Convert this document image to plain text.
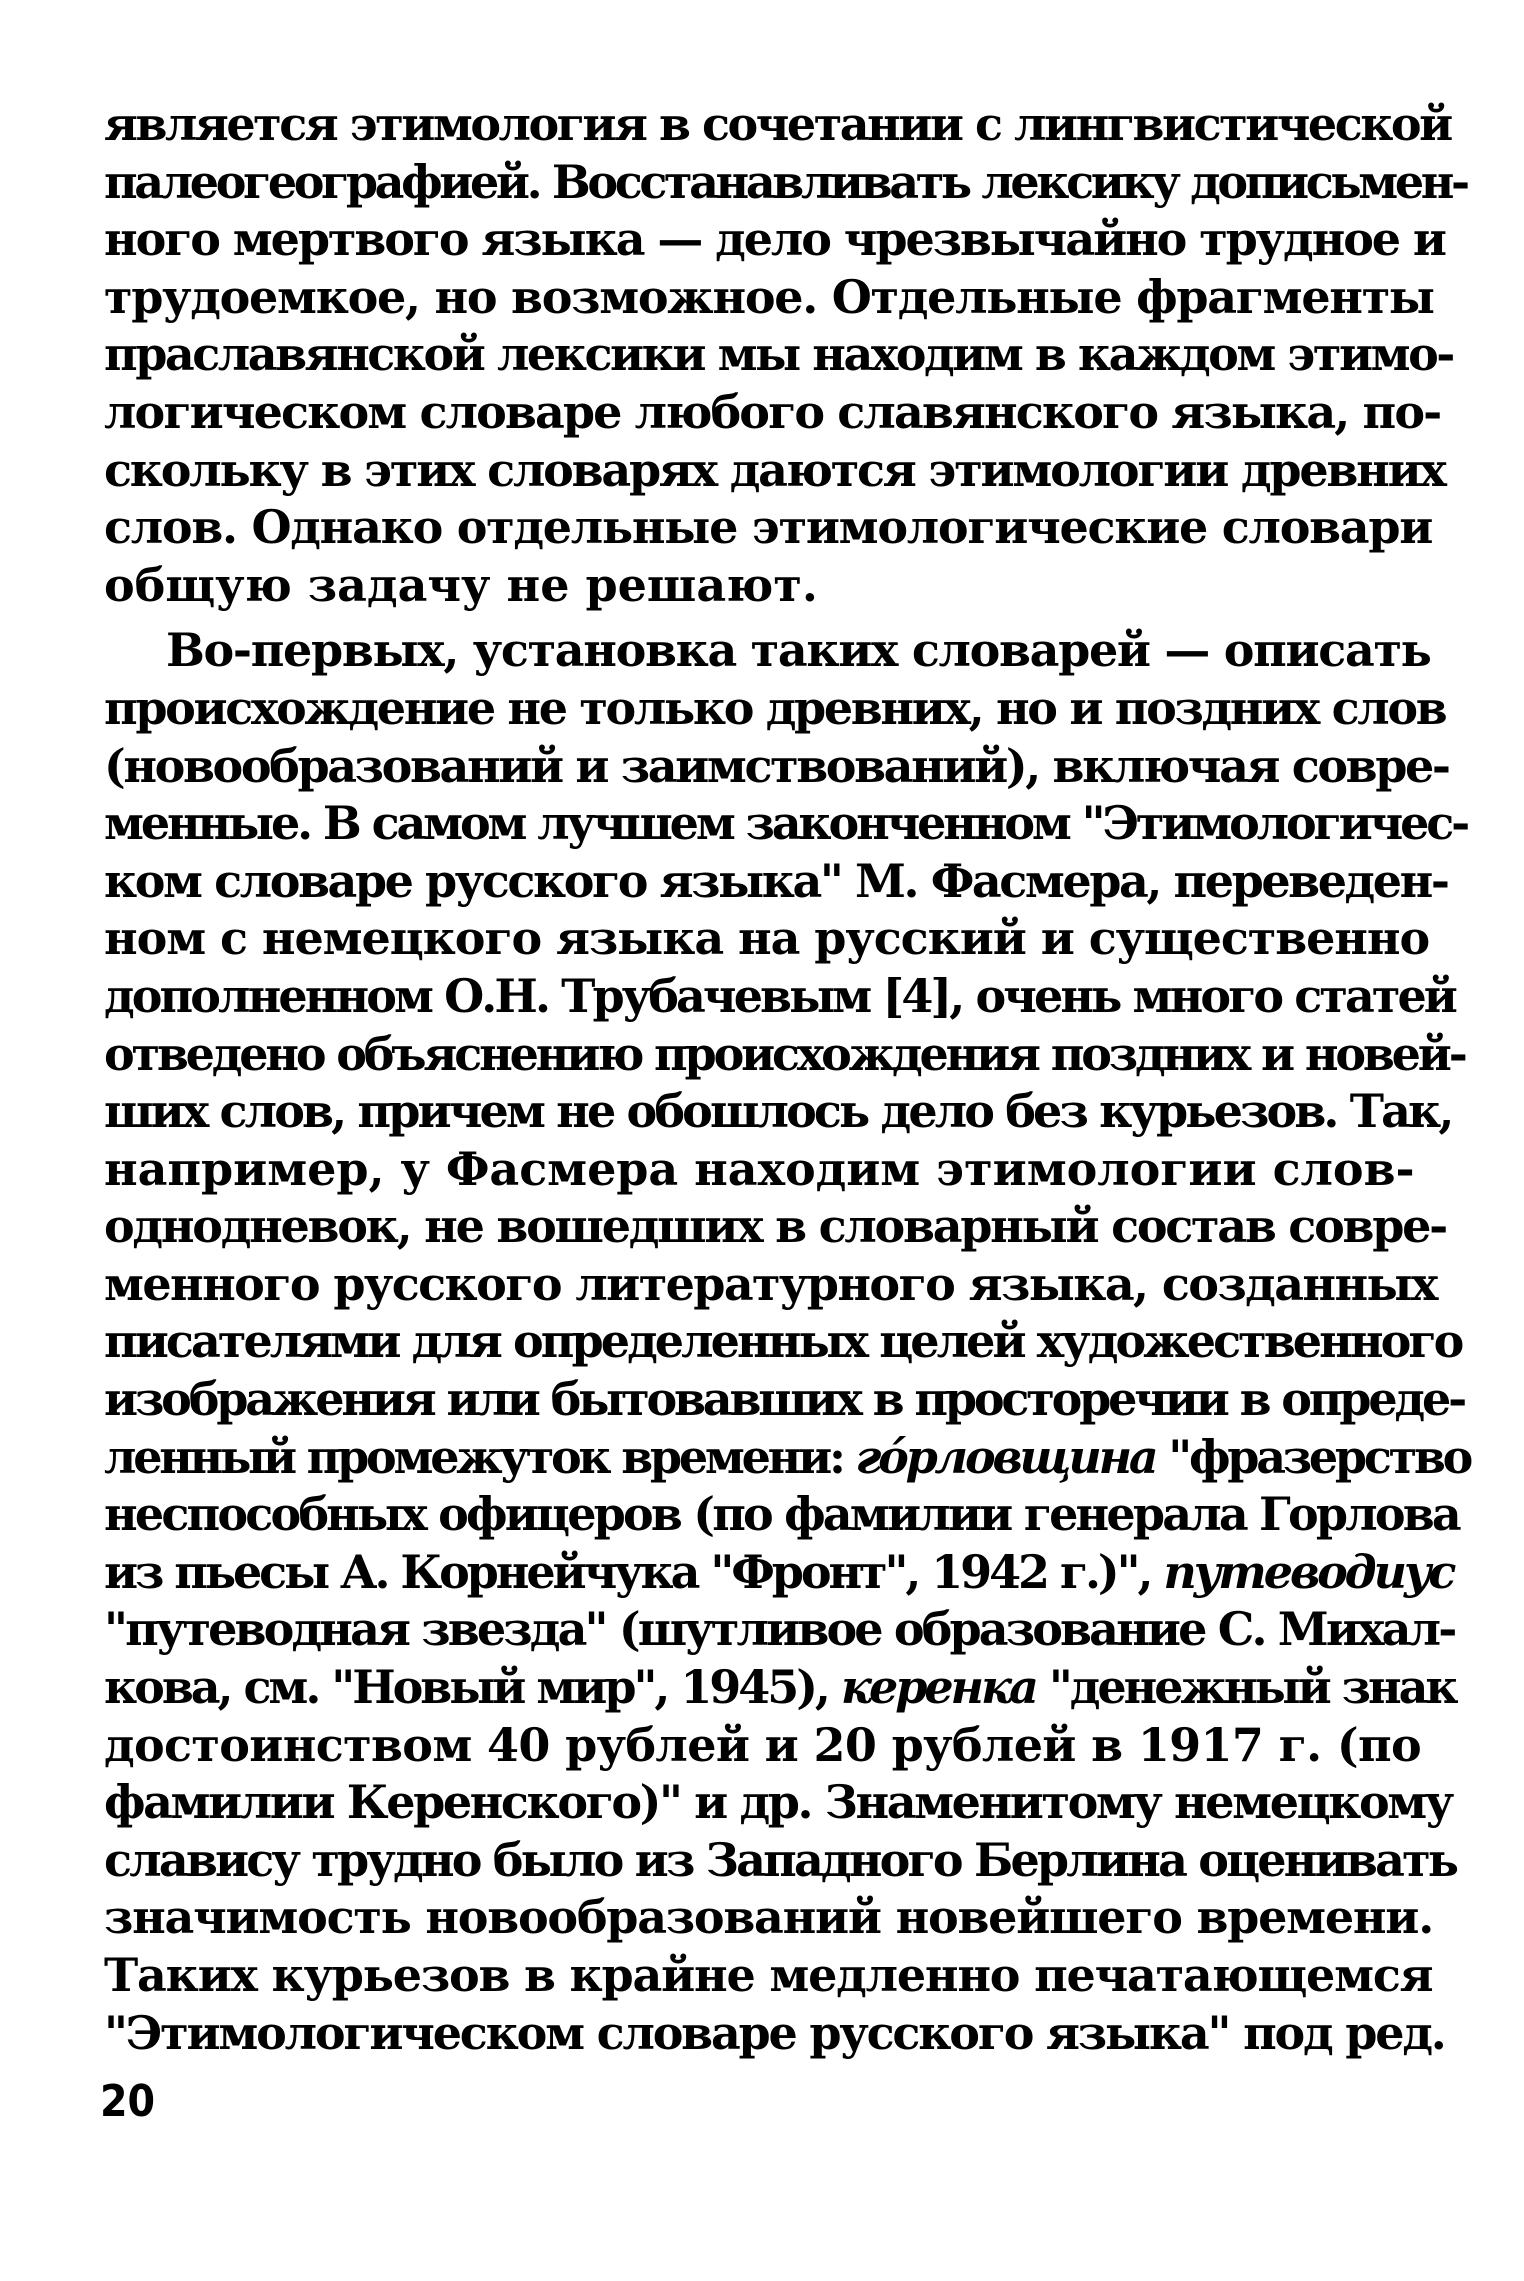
является этимология в сочетании с лингвистической
палеогеографией. Восстанавливать лексику дописьмен-
ного мертвого языка — дело чрезвычайно трудное и
трудоемкое, но возможное. Отдельные фрагменты
праславянской лексики мы находим в каждом этимо-
логическом словаре любого славянского языка, по-
скольку в этих словарях даются этимологии древних
слов. Однако отдельные этимологические словари
общую задачу не решают.
Во-первых, установка таких словарей — описать
происхождение не только древних, но и поздних слов
(новообразований и заимствований), включая совре-
менные. В самом лучшем законченном "Этимологичес-
ком словаре русского языка" М. Фасмера, переведен-
ном с немецкого языка на русский и существенно
дополненном О.Н. Трубачевым [4], очень много статей
отведено объяснению происхождения поздних и новей-
ших слов, причем не обошлось дело без курьезов. Так,
например, у Фасмера находим этимологии слов-
однодневок, не вошедших в словарный состав совре-
менного русского литературного языка, созданных
писателями для определенных целей художественного
изображения или бытовавших в просторечии в опреде-
ленный промежуток времени: гóрловщина "фразерство
неспособных офицеров (по фамилии генерала Горлова
из пьесы А. Корнейчука "Фронт", 1942 г.)", путеводиус
"путеводная звезда" (шутливое образование С. Михал-
кова, см. "Новый мир", 1945), керенка "денежный знак
достоинством 40 рублей и 20 рублей в 1917 г. (по
фамилии Керенского)" и др. Знаменитому немецкому
славису трудно было из Западного Берлина оценивать
значимость новообразований новейшего времени.
Таких курьезов в крайне медленно печатающемся
"Этимологическом словаре русского языка" под ред.
20
